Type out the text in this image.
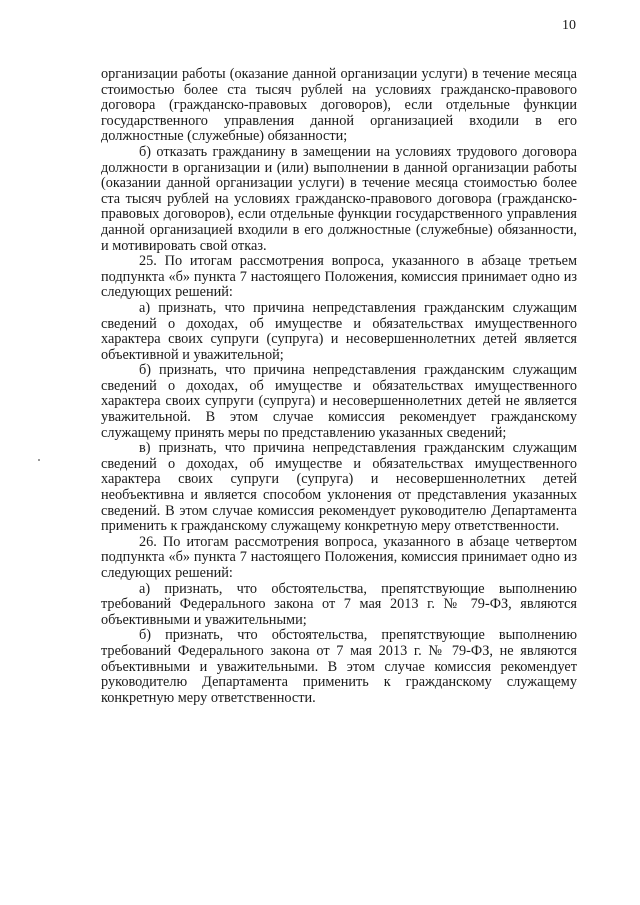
10

организации работы (оказание данной организации услуги) в течение месяца стоимостью более ста тысяч рублей на условиях гражданско-правового договора (гражданско-правовых договоров), если отдельные функции государственного управления данной организацией входили в его должностные (служебные) обязанности;

б) отказать гражданину в замещении на условиях трудового договора должности в организации и (или) выполнении в данной организации работы (оказании данной организации услуги) в течение месяца стоимостью более ста тысяч рублей на условиях гражданско-правового договора (гражданско-правовых договоров), если отдельные функции государственного управления данной организацией входили в его должностные (служебные) обязанности, и мотивировать свой отказ.

25. По итогам рассмотрения вопроса, указанного в абзаце третьем подпункта «б» пункта 7 настоящего Положения, комиссия принимает одно из следующих решений:

а) признать, что причина непредставления гражданским служащим сведений о доходах, об имуществе и обязательствах имущественного характера своих супруги (супруга) и несовершеннолетних детей является объективной и уважительной;

б) признать, что причина непредставления гражданским служащим сведений о доходах, об имуществе и обязательствах имущественного характера своих супруги (супруга) и несовершеннолетних детей не является уважительной. В этом случае комиссия рекомендует гражданскому служащему принять меры по представлению указанных сведений;

в) признать, что причина непредставления гражданским служащим сведений о доходах, об имуществе и обязательствах имущественного характера своих супруги (супруга) и несовершеннолетних детей необъективна и является способом уклонения от представления указанных сведений. В этом случае комиссия рекомендует руководителю Департамента применить к гражданскому служащему конкретную меру ответственности.

26. По итогам рассмотрения вопроса, указанного в абзаце четвертом подпункта «б» пункта 7 настоящего Положения, комиссия принимает одно из следующих решений:

а) признать, что обстоятельства, препятствующие выполнению требований Федерального закона от 7 мая 2013 г. № 79-ФЗ, являются объективными и уважительными;

б) признать, что обстоятельства, препятствующие выполнению требований Федерального закона от 7 мая 2013 г. № 79-ФЗ, не являются объективными и уважительными. В этом случае комиссия рекомендует руководителю Департамента применить к гражданскому служащему конкретную меру ответственности.
